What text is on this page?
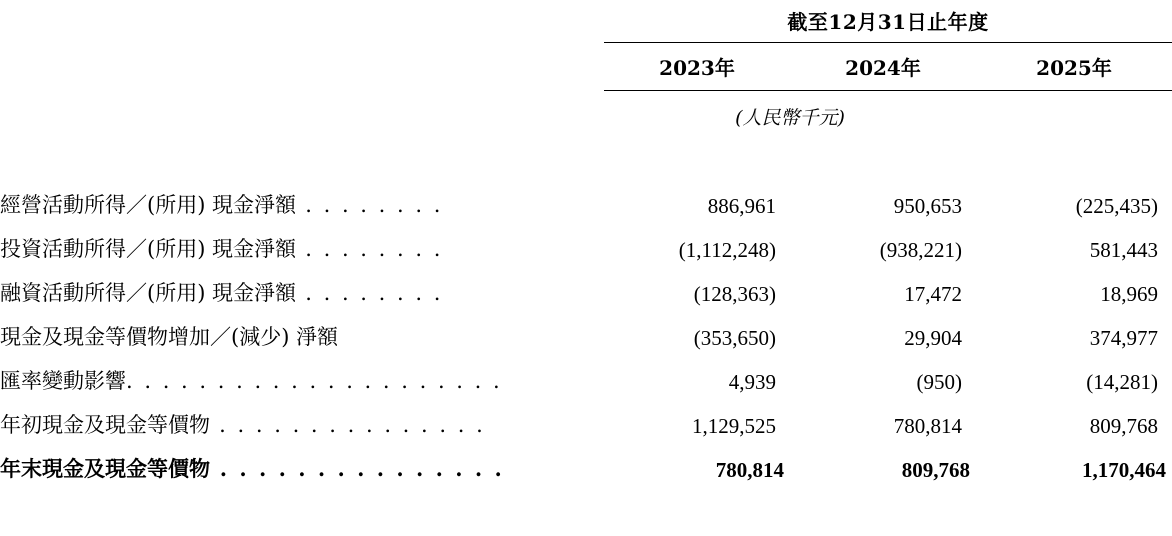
	截至12月31日止年度		
	2023年	2024年	2025年
	(人民幣千元)		

經營活動所得／(所用) 現金淨額 . . . . . . . .	886,961	950,653	(225,435)
投資活動所得／(所用) 現金淨額 . . . . . . . .	(1,112,248)	(938,221)	581,443
融資活動所得／(所用) 現金淨額 . . . . . . . .	(128,363)	17,472	18,969
現金及現金等價物增加／(減少) 淨額	(353,650)	29,904	374,977
匯率變動影響. . . . . . . . . . . . . . . . . . . . .	4,939	(950)	(14,281)
年初現金及現金等價物 . . . . . . . . . . . . . . .	1,129,525	780,814	809,768
年末現金及現金等價物 . . . . . . . . . . . . . . .	780,814	809,768	1,170,464
